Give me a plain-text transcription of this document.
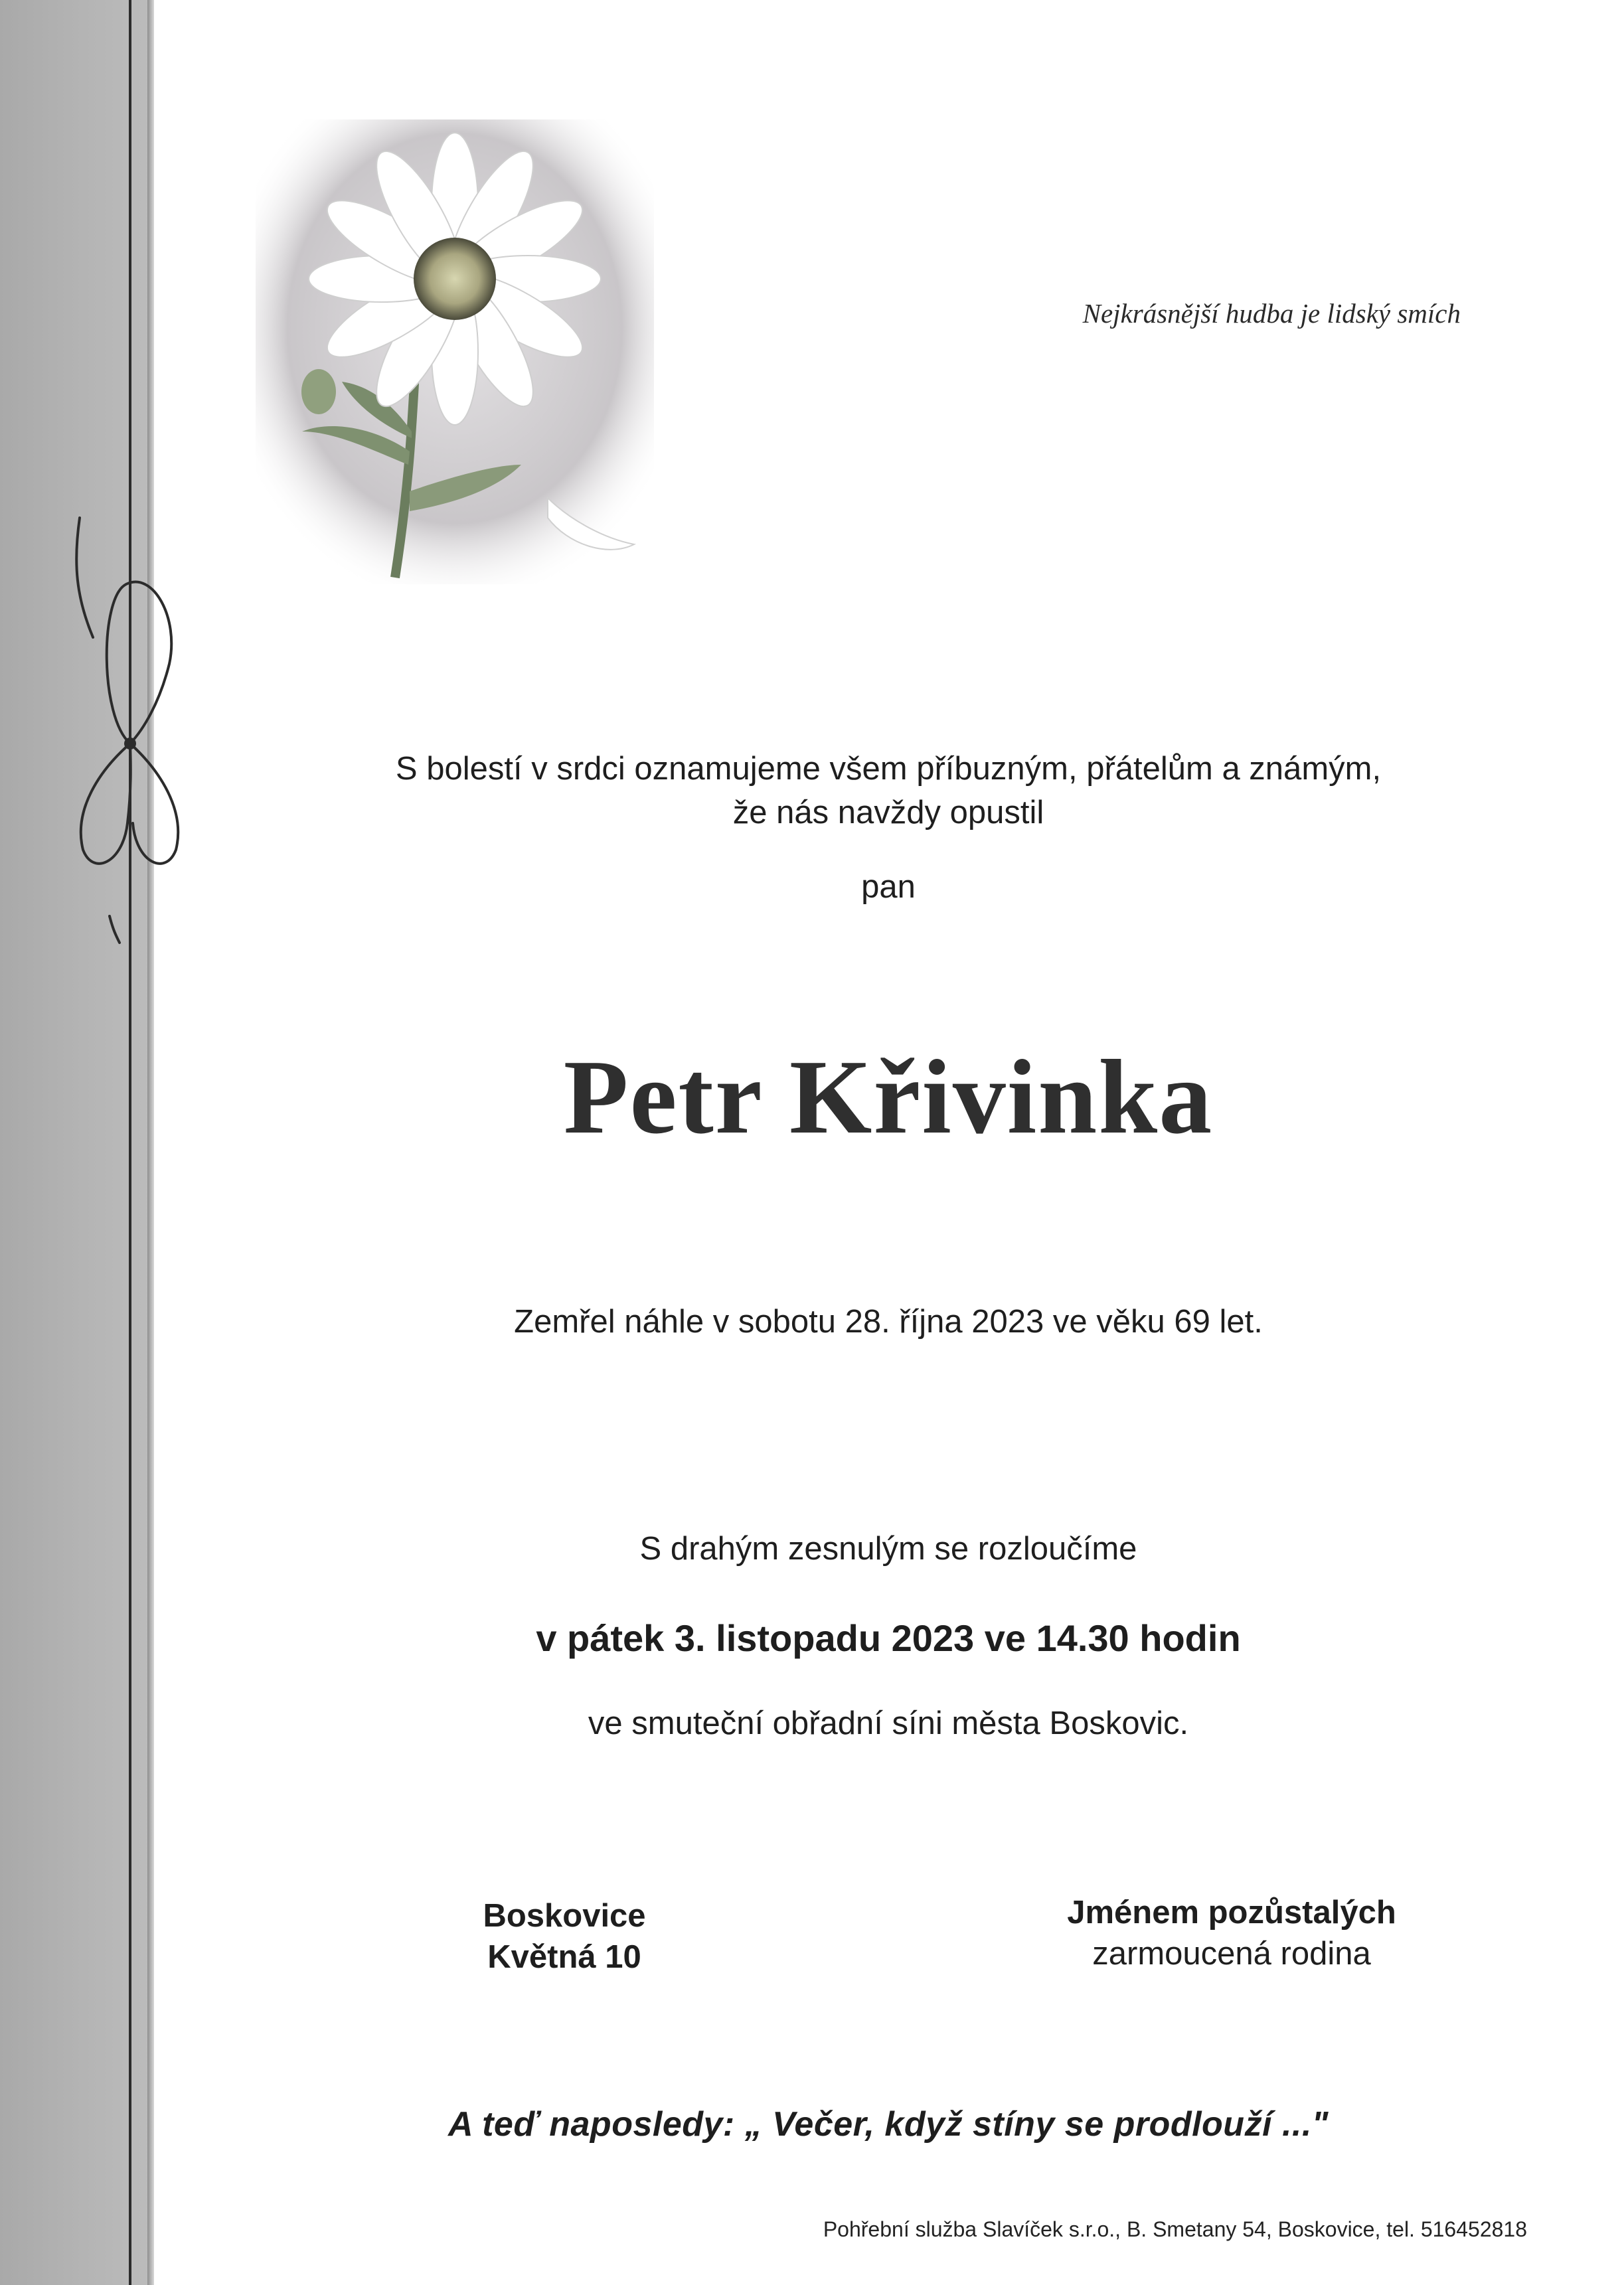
Nejkrásnější hudba je lidský smích
S bolestí v srdci oznamujeme všem příbuzným, přátelům a známým,
že nás navždy opustil
pan
Petr Křivinka
Zemřel náhle v sobotu 28. října 2023 ve věku 69 let.
S drahým zesnulým se rozloučíme
v pátek 3. listopadu 2023 ve 14.30 hodin
ve smuteční obřadní síni města Boskovic.
Boskovice
Květná 10
Jménem pozůstalých
zarmoucená rodina
A teď naposledy: „ Večer, když stíny se prodlouží ..."
Pohřební služba Slavíček s.r.o., B. Smetany 54, Boskovice, tel. 516452818
